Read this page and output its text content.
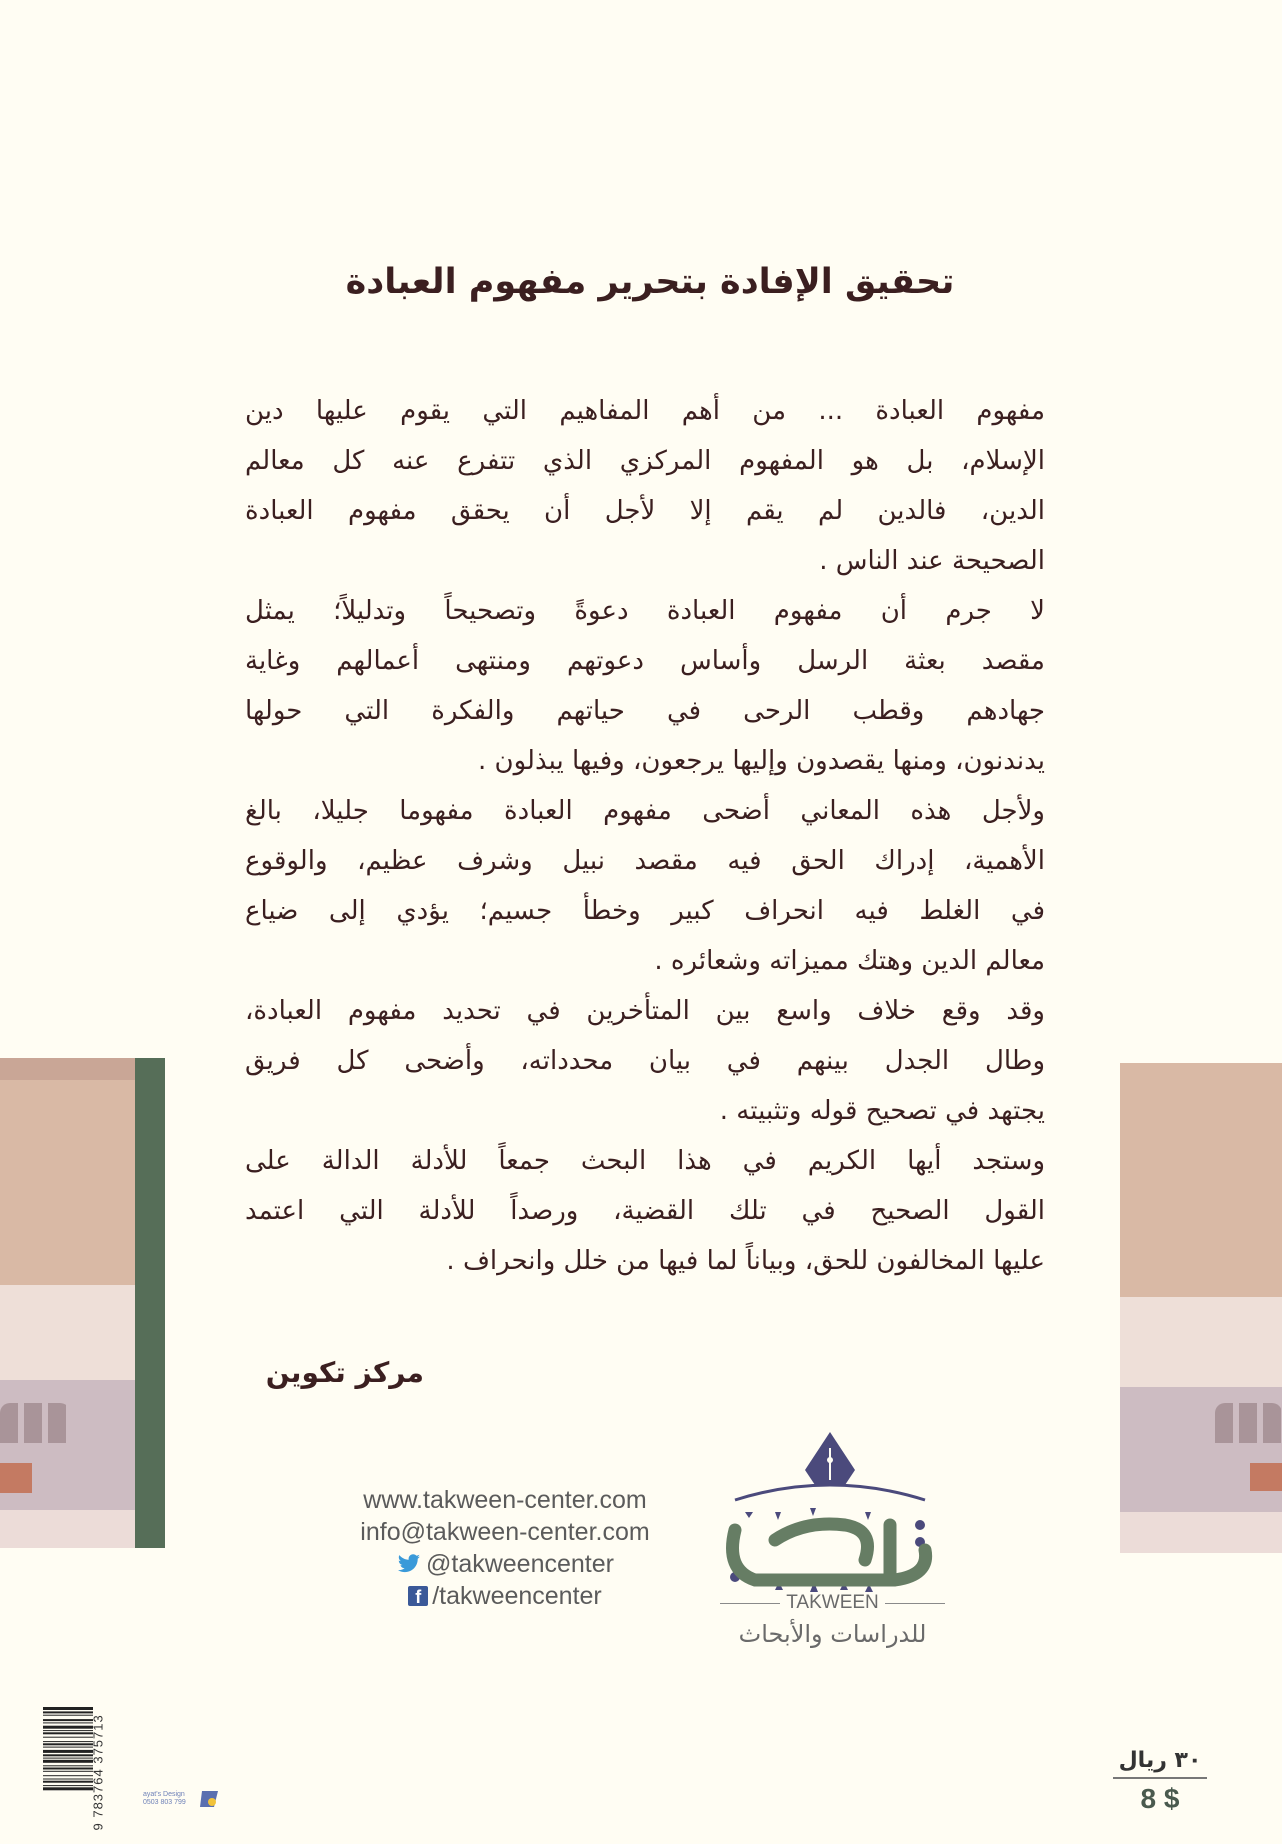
تحقيق الإفادة بتحرير مفهوم العبادة
مفهوم العبادة ... من أهم المفاهيم التي يقوم عليها دين
الإسلام، بل هو المفهوم المركزي الذي تتفرع عنه كل معالم
الدين، فالدين لم يقم إلا لأجل أن يحقق مفهوم العبادة
الصحيحة عند الناس .
لا جرم أن مفهوم العبادة دعوةً وتصحيحاً وتدليلاً؛ يمثل
مقصد بعثة الرسل وأساس دعوتهم ومنتهى أعمالهم وغاية
جهادهم وقطب الرحى في حياتهم والفكرة التي حولها
يدندنون، ومنها يقصدون وإليها يرجعون، وفيها يبذلون .
ولأجل هذه المعاني أضحى مفهوم العبادة مفهوما جليلا، بالغ
الأهمية، إدراك الحق فيه مقصد نبيل وشرف عظيم، والوقوع
في الغلط فيه انحراف كبير وخطأ جسيم؛ يؤدي إلى ضياع
معالم الدين وهتك مميزاته وشعائره .
وقد وقع خلاف واسع بين المتأخرين في تحديد مفهوم العبادة،
وطال الجدل بينهم في بيان محدداته، وأضحى كل فريق
يجتهد في تصحيح قوله وتثبيته .
وستجد أيها الكريم في هذا البحث جمعاً للأدلة الدالة على
القول الصحيح في تلك القضية، ورصداً للأدلة التي اعتمد
عليها المخالفون للحق، وبياناً لما فيها من خلل وانحراف .
مركز تكوين
www.takween-center.com
info@takween-center.com
@takweencenter
f /takweencenter	TAKWEEN
للدراسات والأبحاث
9 783764 375713	ayat's Design 0503 803 799
٣٠ ريال
8 $
